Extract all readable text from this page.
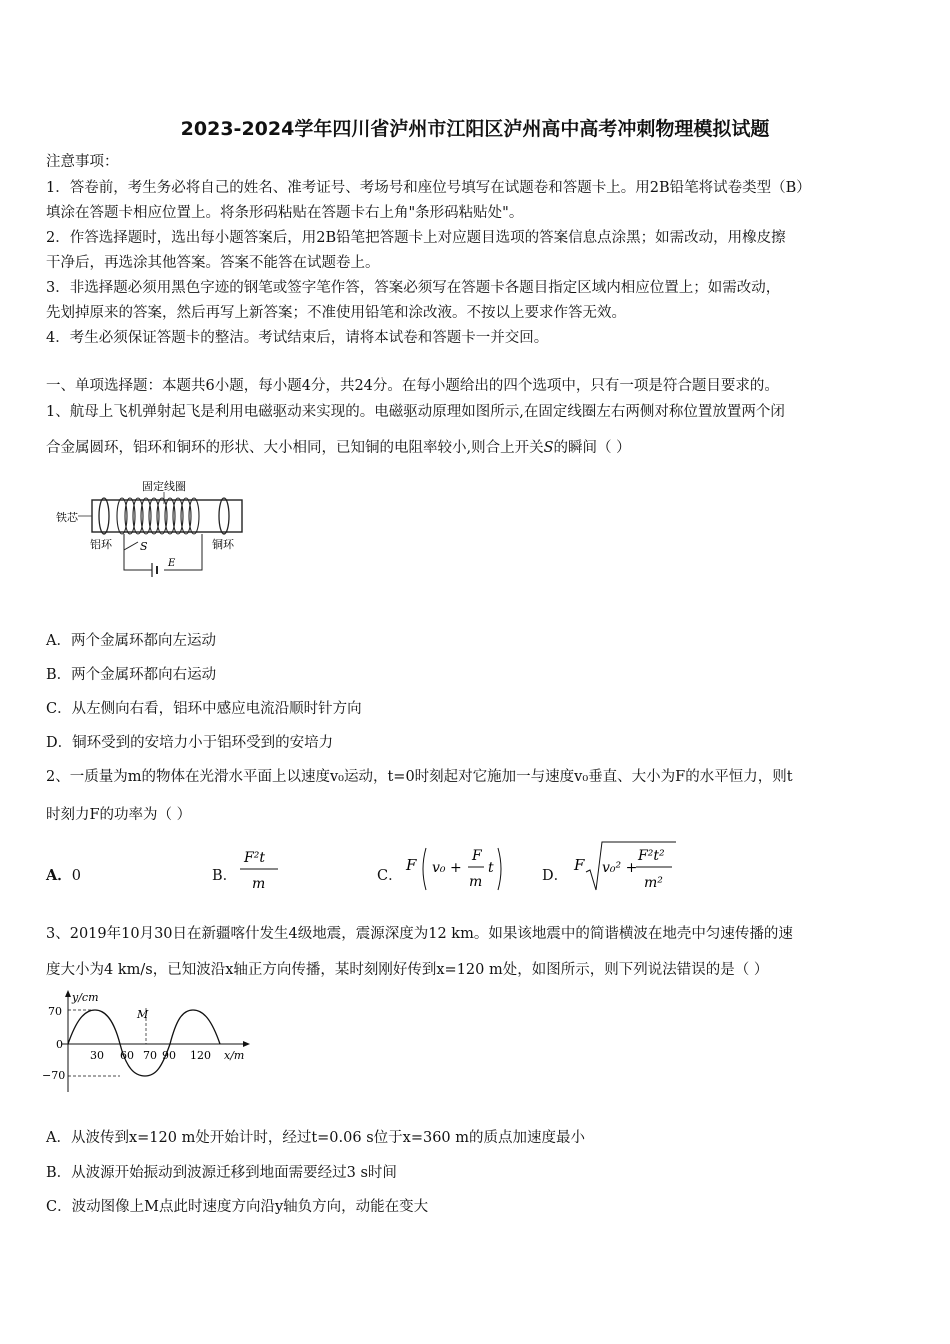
2023-2024学年四川省泸州市江阳区泸州高中高考冲刺物理模拟试题
注意事项：
1．答卷前，考生务必将自己的姓名、准考证号、考场号和座位号填写在试题卷和答题卡上。用2B铅笔将试卷类型（B）
填涂在答题卡相应位置上。将条形码粘贴在答题卡右上角"条形码粘贴处"。
2．作答选择题时，选出每小题答案后，用2B铅笔把答题卡上对应题目选项的答案信息点涂黑；如需改动，用橡皮擦
干净后，再选涂其他答案。答案不能答在试题卷上。
3．非选择题必须用黑色字迹的钢笔或签字笔作答，答案必须写在答题卡各题目指定区域内相应位置上；如需改动，
先划掉原来的答案，然后再写上新答案；不准使用铅笔和涂改液。不按以上要求作答无效。
4．考生必须保证答题卡的整洁。考试结束后，请将本试卷和答题卡一并交回。
一、单项选择题：本题共6小题，每小题4分，共24分。在每小题给出的四个选项中，只有一项是符合题目要求的。
1、航母上飞机弹射起飞是利用电磁驱动来实现的。电磁驱动原理如图所示,在固定线圈左右两侧对称位置放置两个闭
合金属圆环，铝环和铜环的形状、大小相同，已知铜的电阻率较小,则合上开关S的瞬间（ ）
固定线圈
铁芯
铝环	铜环
S
E
A．两个金属环都向左运动
B．两个金属环都向右运动
C．从左侧向右看，铝环中感应电流沿顺时针方向
D．铜环受到的安培力小于铝环受到的安培力
2、一质量为m的物体在光滑水平面上以速度v₀运动，t=0时刻起对它施加一与速度v₀垂直、大小为F的水平恒力，则t
时刻力F的功率为（ ）
A．0	B．
F²t
m	C．
F v₀ +
F
m
t	D．
F v₀² +
F²t²
m²
3、2019年10月30日在新疆喀什发生4级地震，震源深度为12 km。如果该地震中的简谐横波在地壳中匀速传播的速
度大小为4 km/s，已知波沿x轴正方向传播，某时刻刚好传到x=120 m处，如图所示，则下列说法错误的是（ ）
y/cm
x/m
70
0
−70
30 60 70 90 120
M
A．从波传到x=120 m处开始计时，经过t=0.06 s位于x=360 m的质点加速度最小
B．从波源开始振动到波源迁移到地面需要经过3 s时间
C．波动图像上M点此时速度方向沿y轴负方向，动能在变大
